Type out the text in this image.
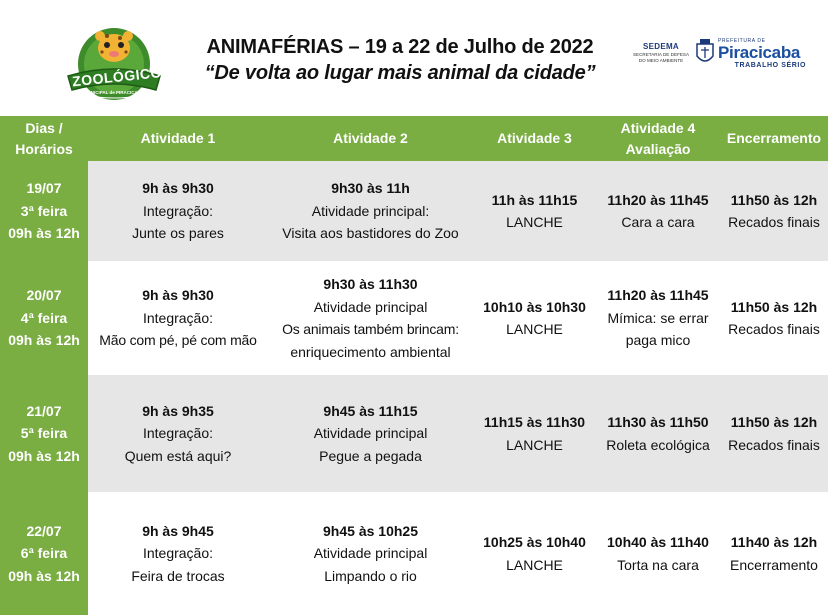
ZOOLÓGICO
MUNICIPAL de PIRACICABA
ANIMAFÉRIAS – 19 a 22 de Julho de 2022
“De volta ao lugar mais animal da cidade”
SEDEMA
SECRETARIA DE DEFESA
DO MEIO AMBIENTE
PREFEITURA DE
Piracicaba
TRABALHO SÉRIO
Dias /
Horários	Atividade 1	Atividade 2	Atividade 3	Atividade 4
Avaliação	Encerramento

19/07
3ª feira
09h às 12h	9h às 9h30
Integração:
Junte os pares	9h30 às 11h
Atividade principal:
Visita aos bastidores do Zoo	11h às 11h15
LANCHE	11h20 às 11h45
Cara a cara	11h50 às 12h
Recados finais

20/07
4ª feira
09h às 12h	9h às 9h30
Integração:
Mão com pé, pé com mão	9h30 às 11h30
Atividade principal
Os animais também brincam:
enriquecimento ambiental	10h10 às 10h30
LANCHE	11h20 às 11h45
Mímica: se errar
paga mico	11h50 às 12h
Recados finais

21/07
5ª feira
09h às 12h	9h às 9h35
Integração:
Quem está aqui?	9h45 às 11h15
Atividade principal
Pegue a pegada	11h15 às 11h30
LANCHE	11h30 às 11h50
Roleta ecológica	11h50 às 12h
Recados finais

22/07
6ª feira
09h às 12h	9h às 9h45
Integração:
Feira de trocas	9h45 às 10h25
Atividade principal
Limpando o rio	10h25 às 10h40
LANCHE	10h40 às 11h40
Torta na cara	11h40 às 12h
Encerramento
